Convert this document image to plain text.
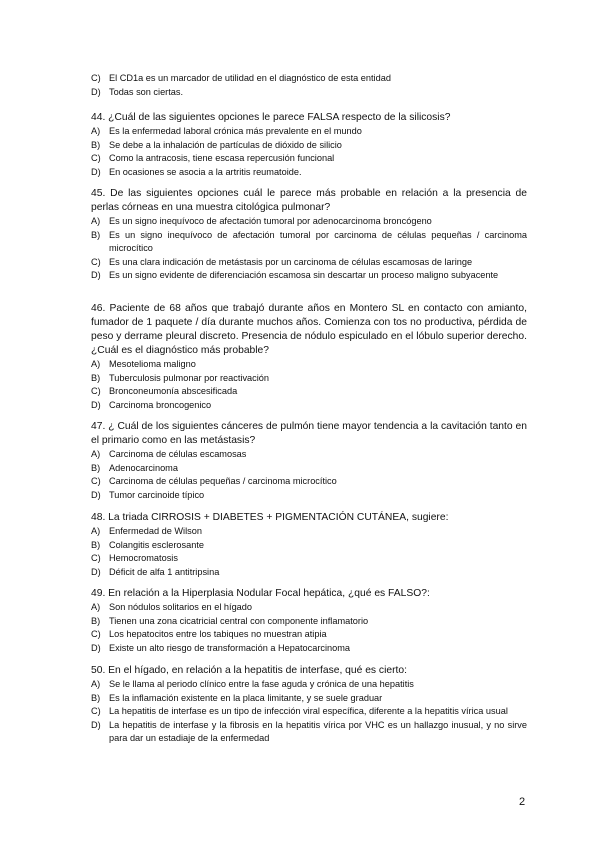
C) El CD1a es un marcador de utilidad en el diagnóstico de esta entidad
D) Todas son ciertas.

44. ¿Cuál de las siguientes opciones le parece FALSA respecto de la silicosis?

A) Es la enfermedad laboral crónica más prevalente en el mundo
B) Se debe a la inhalación de partículas de dióxido de silicio
C) Como la antracosis, tiene escasa repercusión funcional
D) En ocasiones se asocia a la artritis reumatoide.

45. De las siguientes opciones cuál le parece más probable en relación a la presencia de perlas córneas en una muestra citológica pulmonar?

A) Es un signo inequívoco de afectación tumoral por adenocarcinoma broncógeno
B) Es un signo inequívoco de afectación tumoral por carcinoma de células pequeñas / carcinoma microcítico
C) Es una clara indicación de metástasis por un carcinoma de células escamosas de laringe
D) Es un signo evidente de diferenciación escamosa sin descartar un proceso maligno subyacente

46. Paciente de 68 años que trabajó durante años en Montero SL en contacto con amianto, fumador de 1 paquete / día durante muchos años. Comienza con tos no productiva, pérdida de peso y derrame pleural discreto. Presencia de nódulo espiculado en el lóbulo superior derecho. ¿Cuál es el diagnóstico más probable?

A) Mesotelioma maligno
B) Tuberculosis pulmonar por reactivación
C) Bronconeumonía abscesificada
D) Carcinoma broncogenico

47. ¿ Cuál de los siguientes cánceres de pulmón tiene mayor tendencia a la cavitación tanto en el primario como en las metástasis?

A) Carcinoma de células escamosas
B) Adenocarcinoma
C) Carcinoma de células pequeñas / carcinoma microcítico
D) Tumor carcinoide típico

48. La triada CIRROSIS + DIABETES + PIGMENTACIÓN CUTÁNEA, sugiere:

A) Enfermedad de Wilson
B) Colangitis esclerosante
C) Hemocromatosis
D) Déficit de alfa 1 antitripsina

49. En relación a la Hiperplasia Nodular Focal hepática, ¿qué es FALSO?:

A) Son nódulos solitarios en el hígado
B) Tienen una zona cicatricial central con componente inflamatorio
C) Los hepatocitos entre los tabiques no muestran atipia
D) Existe un alto riesgo de transformación a Hepatocarcinoma

50. En el hígado, en relación a la hepatitis de interfase, qué es cierto:

A) Se le llama al periodo clínico entre la fase aguda y crónica de una hepatitis
B) Es la inflamación existente en la placa limitante, y se suele graduar
C) La hepatitis de interfase es un tipo de infección viral específica, diferente a la hepatitis vírica usual
D) La hepatitis de interfase y la fibrosis en la hepatitis vírica por VHC es un hallazgo inusual, y no sirve para dar un estadiaje de la enfermedad
2
